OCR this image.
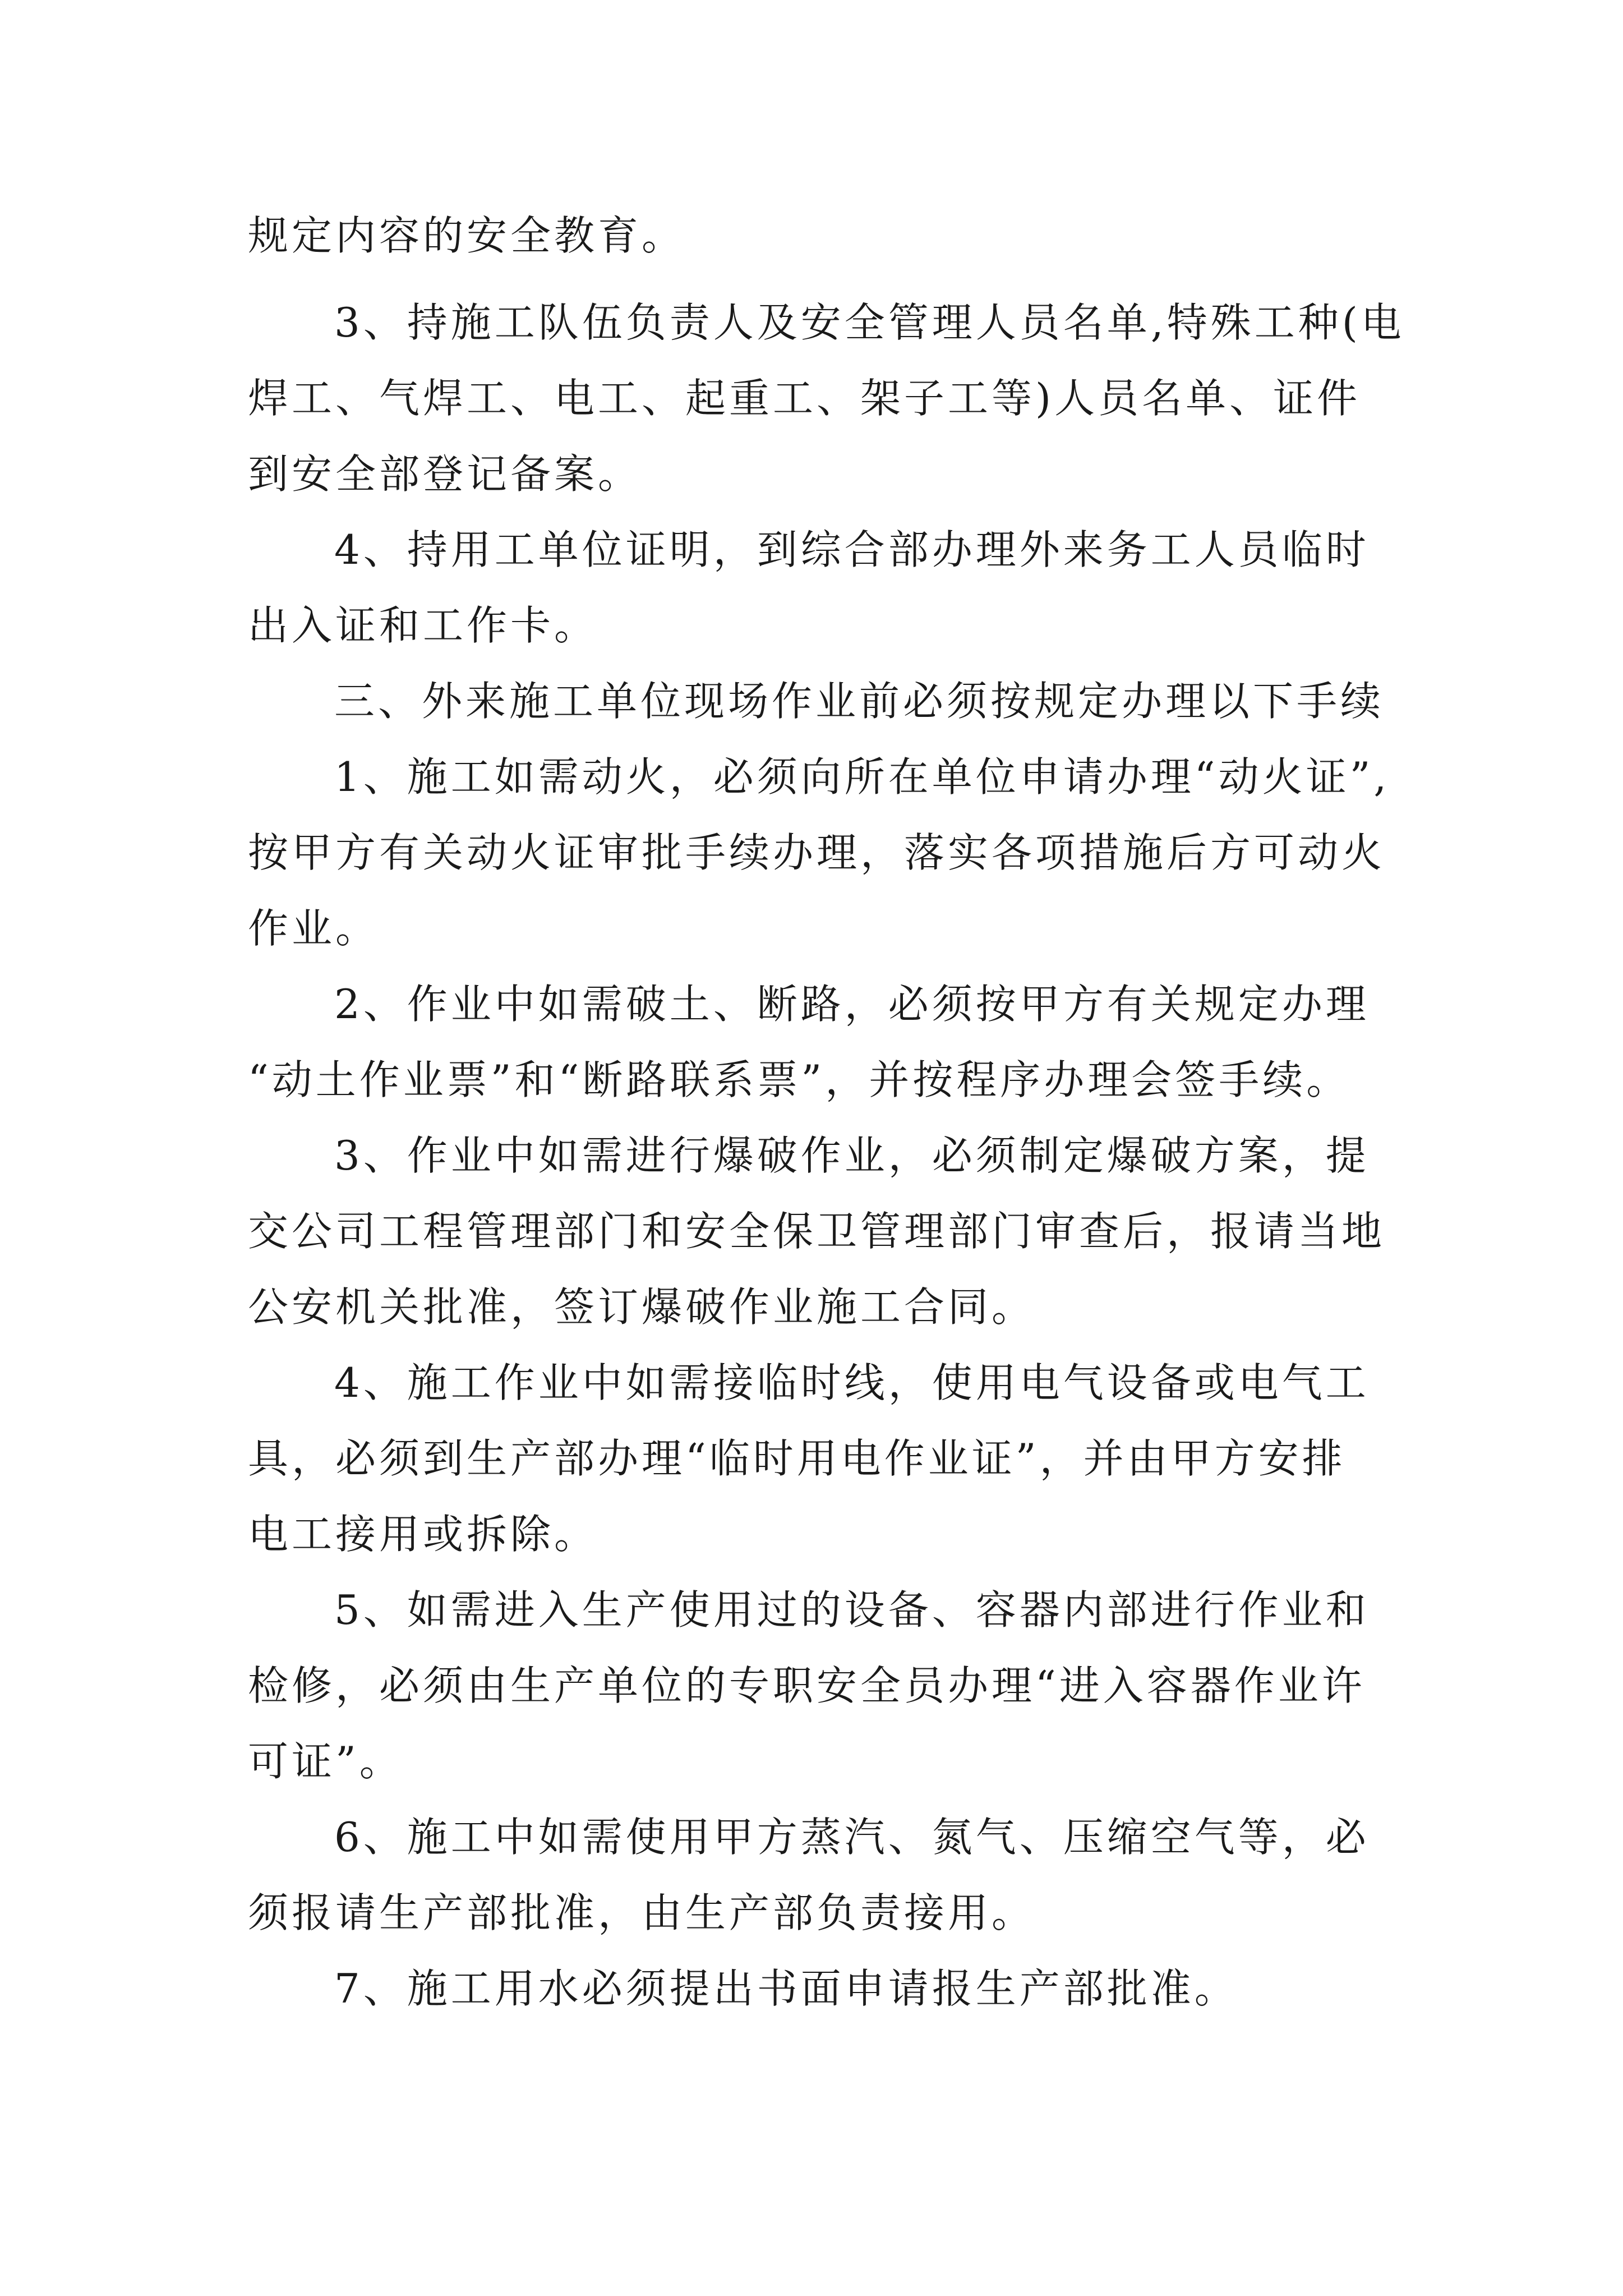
规定内容的安全教育。
3、持施工队伍负责人及安全管理人员名单,特殊工种(电
焊工、气焊工、电工、起重工、架子工等)人员名单、证件
到安全部登记备案。
4、持用工单位证明，到综合部办理外来务工人员临时
出入证和工作卡。
三、外来施工单位现场作业前必须按规定办理以下手续
1、施工如需动火，必须向所在单位申请办理“动火证”,
按甲方有关动火证审批手续办理，落实各项措施后方可动火
作业。
2、作业中如需破土、断路，必须按甲方有关规定办理
“动土作业票”和“断路联系票”，并按程序办理会签手续。
3、作业中如需进行爆破作业，必须制定爆破方案，提
交公司工程管理部门和安全保卫管理部门审查后，报请当地
公安机关批准，签订爆破作业施工合同。
4、施工作业中如需接临时线，使用电气设备或电气工
具，必须到生产部办理“临时用电作业证”，并由甲方安排
电工接用或拆除。
5、如需进入生产使用过的设备、容器内部进行作业和
检修，必须由生产单位的专职安全员办理“进入容器作业许
可证”。
6、施工中如需使用甲方蒸汽、氮气、压缩空气等，必
须报请生产部批准，由生产部负责接用。
7、施工用水必须提出书面申请报生产部批准。
